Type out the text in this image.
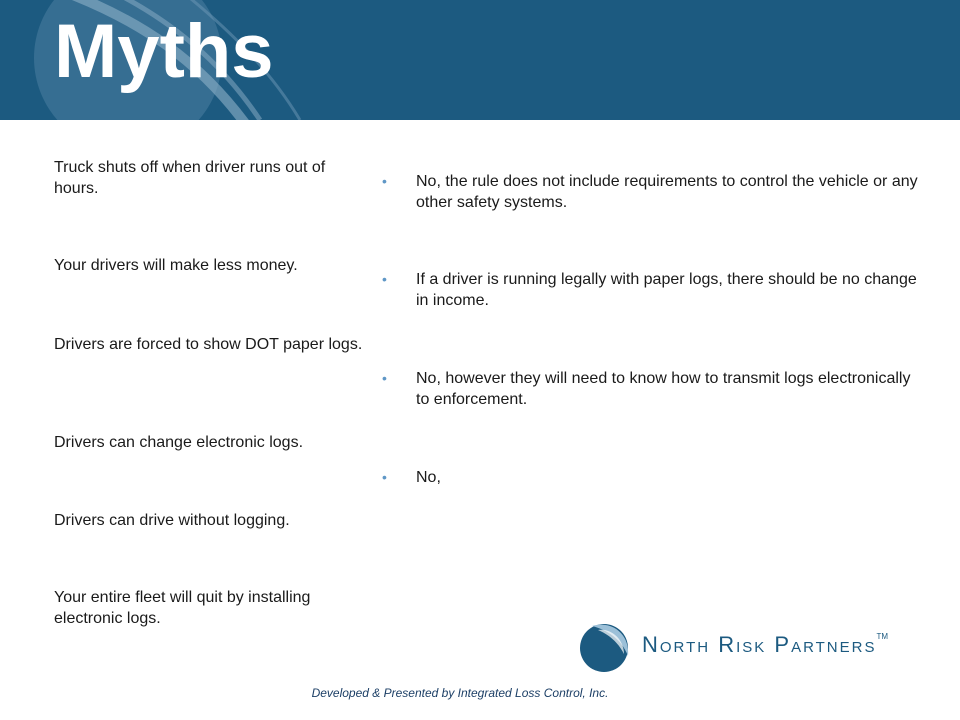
Myths
Truck shuts off when driver runs out of hours.
Your drivers will make less money.
Drivers are forced to show DOT paper logs.
Drivers can change electronic logs.
Drivers can drive without logging.
Your entire fleet will quit by installing electronic logs.
• No, the rule does not include requirements to control the vehicle or any other safety systems.
• If a driver is running legally with paper logs, there should be no change in income.
• No, however they will need to know how to transmit logs electronically to enforcement.
• No,
North Risk Partners™
Developed & Presented by Integrated Loss Control, Inc.
